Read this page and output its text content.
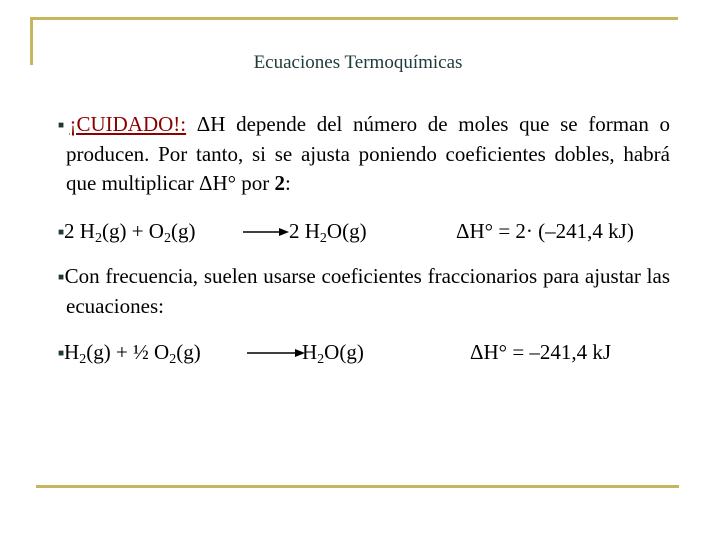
Ecuaciones Termoquímicas
■¡CUIDADO!: ΔH depende del número de moles que se forman o producen. Por tanto, si se ajusta poniendo coeficientes dobles, habrá que multiplicar ΔH° por 2:
■2 $H_2(g) + O_2(g) \to 2$ $H_2O(g)$	ΔH° = 2· (–241,4 kJ)
■Con frecuencia, suelen usarse coeficientes fraccionarios para ajustar las ecuaciones:
$■H_2(g)$ + ½ $O_2(g)$	$H_2O(g)$	ΔH° = –241,4 kJ
